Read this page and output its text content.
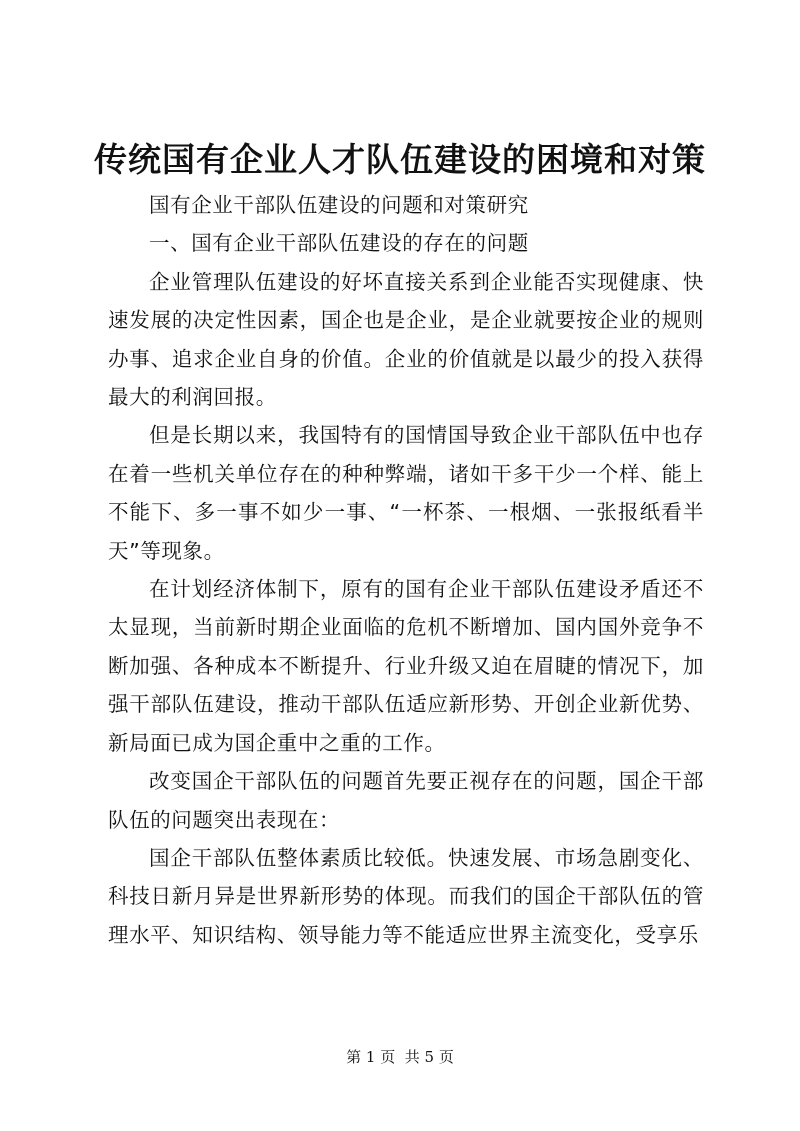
传统国有企业人才队伍建设的困境和对策

国有企业干部队伍建设的问题和对策研究

一、国有企业干部队伍建设的存在的问题

企业管理队伍建设的好坏直接关系到企业能否实现健康、快速发展的决定性因素，国企也是企业，是企业就要按企业的规则办事、追求企业自身的价值。企业的价值就是以最少的投入获得最大的利润回报。

但是长期以来，我国特有的国情国导致企业干部队伍中也存在着一些机关单位存在的种种弊端，诸如干多干少一个样、能上不能下、多一事不如少一事、“一杯茶、一根烟、一张报纸看半天”等现象。

在计划经济体制下，原有的国有企业干部队伍建设矛盾还不太显现，当前新时期企业面临的危机不断增加、国内国外竞争不断加强、各种成本不断提升、行业升级又迫在眉睫的情况下，加强干部队伍建设，推动干部队伍适应新形势、开创企业新优势、新局面已成为国企重中之重的工作。

改变国企干部队伍的问题首先要正视存在的问题，国企干部队伍的问题突出表现在：

国企干部队伍整体素质比较低。快速发展、市场急剧变化、科技日新月异是世界新形势的体现。而我们的国企干部队伍的管理水平、知识结构、领导能力等不能适应世界主流变化，受享乐

第 1 页  共 5 页
